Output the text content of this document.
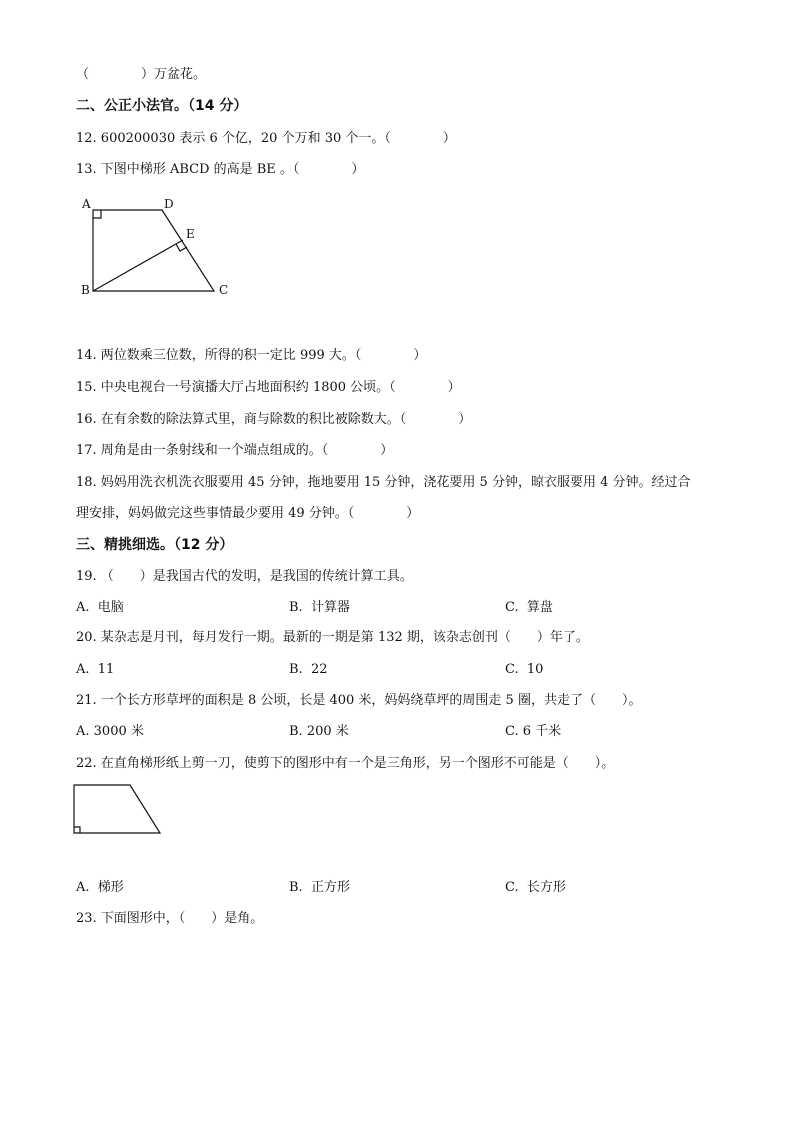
（　　　　）万盆花。
二、公正小法官。（14 分）
12. 600200030 表示 6 个亿，20 个万和 30 个一。（　　　　）
13. 下图中梯形 ABCD 的高是 BE 。（　　　　）
A	D
E
B	C
14. 两位数乘三位数，所得的积一定比 999 大。（　　　　）
15. 中央电视台一号演播大厅占地面积约 1800 公顷。（　　　　）
16. 在有余数的除法算式里，商与除数的积比被除数大。（　　　　）
17. 周角是由一条射线和一个端点组成的。（　　　　）
18. 妈妈用洗衣机洗衣服要用 45 分钟，拖地要用 15 分钟，浇花要用 5 分钟，晾衣服要用 4 分钟。经过合
理安排，妈妈做完这些事情最少要用 49 分钟。（　　　　）
三、精挑细选。（12 分）
19. （　　）是我国古代的发明，是我国的传统计算工具。
A.  电脑	B.  计算器	C.  算盘
20. 某杂志是月刊，每月发行一期。最新的一期是第 132 期，该杂志创刊（　　）年了。
A.  11	B.  22	C.  10
21. 一个长方形草坪的面积是 8 公顷，长是 400 米，妈妈绕草坪的周围走 5 圈，共走了（　　）。
A. 3000 米	B. 200 米	C. 6 千米
22. 在直角梯形纸上剪一刀，使剪下的图形中有一个是三角形，另一个图形不可能是（　　）。
A.  梯形	B.  正方形	C.  长方形
23. 下面图形中，（　　）是角。
